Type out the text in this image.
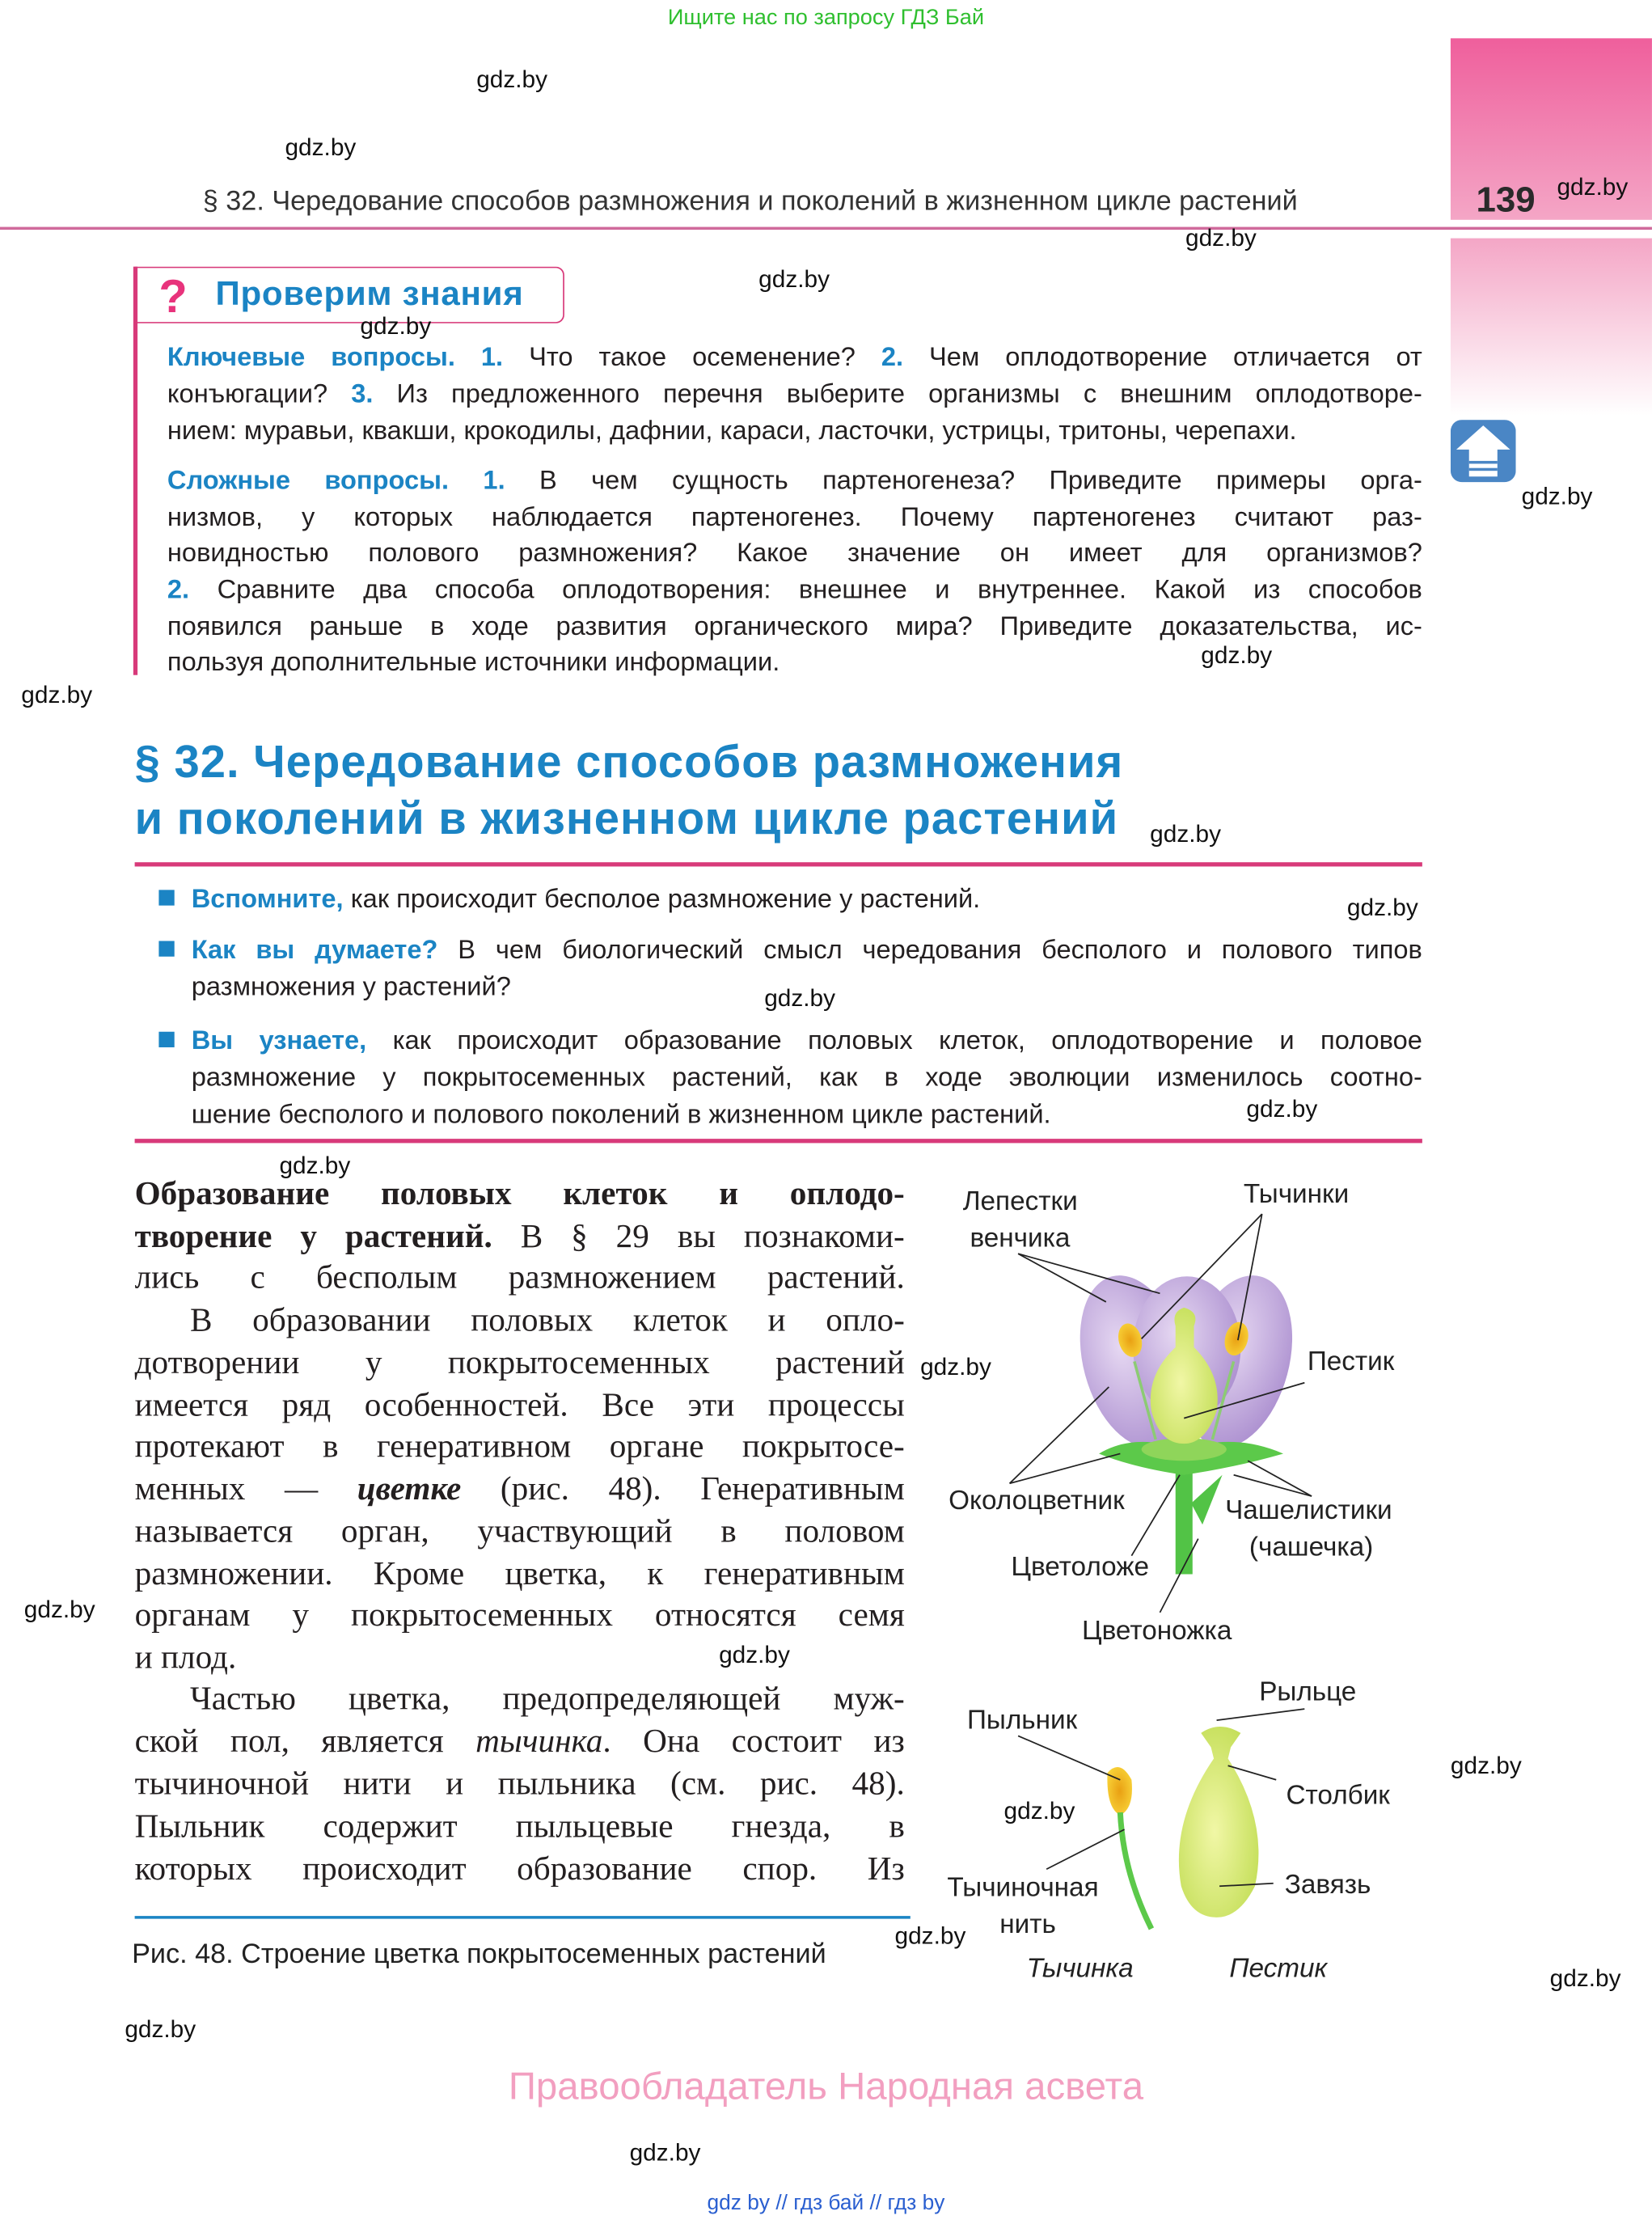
Ищите нас по запросу ГДЗ Бай
139
§ 32. Чередование способов размножения и поколений в жизненном цикле растений
? Проверим знания
Ключевые вопросы. 1. Что такое осеменение? 2. Чем оплодотворение отличается от
конъюгации? 3. Из предложенного перечня выберите организмы с внешним оплодотворе-
нием: муравьи, квакши, крокодилы, дафнии, караси, ласточки, устрицы, тритоны, черепахи.
Сложные вопросы. 1. В чем сущность партеногенеза? Приведите примеры орга-
низмов, у которых наблюдается партеногенез. Почему партеногенез считают раз-
новидностью полового размножения? Какое значение он имеет для организмов?
2. Сравните два способа оплодотворения: внешнее и внутреннее. Какой из способов
появился раньше в ходе развития органического мира? Приведите доказательства, ис-
пользуя дополнительные источники информации.
§ 32. Чередование способов размножения
и поколений в жизненном цикле растений
Вспомните, как происходит бесполое размножение у растений.
Как вы думаете? В чем биологический смысл чередования бесполого и полового типов
размножения у растений?
Вы узнаете, как происходит образование половых клеток, оплодотворение и половое
размножение у покрытосеменных растений, как в ходе эволюции изменилось соотно-
шение бесполого и полового поколений в жизненном цикле растений.
Образование половых клеток и оплодо-
творение у растений. В § 29 вы познакоми-
лись с бесполым размножением растений.
В образовании половых клеток и опло-
дотворении у покрытосеменных растений
имеется ряд особенностей. Все эти процессы
протекают в генеративном органе покрытосе-
менных — цветке (рис. 48). Генеративным
называется орган, участвующий в половом
размножении. Кроме цветка, к генеративным
органам у покрытосеменных относятся семя
и плод.
Частью цветка, предопределяющей муж-
ской пол, является тычинка. Она состоит из
тычиночной нити и пыльника (см. рис. 48).
Пыльник содержит пыльцевые гнезда, в
которых происходит образование спор. Из
Рис. 48. Строение цветка покрытосеменных растений
Лепестки
венчика
Тычинки
Пестик
Околоцветник	Чашелистики
(чашечка)
Цветоложе
Цветоножка
Рыльце
Пыльник
Столбик
Тычиночная
нить
Завязь
Тычинка	Пестик
Правообладатель Народная асвета
gdz by // гдз бай // гдз by
gdz.by
gdz.by
gdz.by
gdz.by
gdz.by
gdz.by
gdz.by
gdz.by
gdz.by
gdz.by
gdz.by
gdz.by
gdz.by
gdz.by
gdz.by
gdz.by
gdz.by
gdz.by
gdz.by
gdz.by
gdz.by
gdz.by
gdz.by
